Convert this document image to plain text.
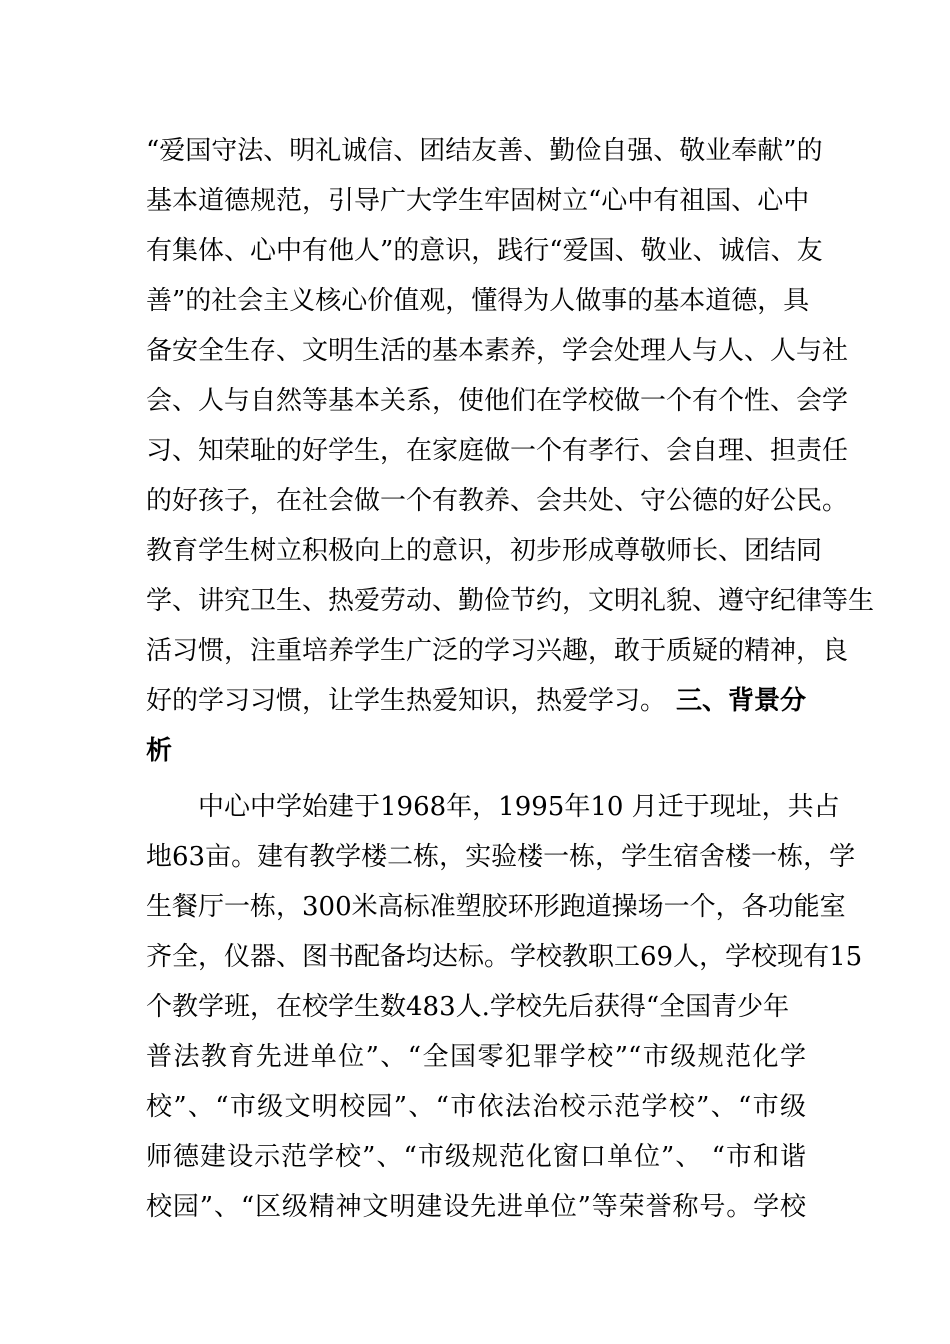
“爱国守法、明礼诚信、团结友善、勤俭自强、敬业奉献”的
基本道德规范，引导广大学生牢固树立“心中有祖国、心中
有集体、心中有他人”的意识，践行“爱国、敬业、诚信、友
善”的社会主义核心价值观，懂得为人做事的基本道德，具
备安全生存、文明生活的基本素养，学会处理人与人、人与社
会、人与自然等基本关系，使他们在学校做一个有个性、会学
习、知荣耻的好学生，在家庭做一个有孝行、会自理、担责任
的好孩子，在社会做一个有教养、会共处、守公德的好公民。
教育学生树立积极向上的意识，初步形成尊敬师长、团结同
学、讲究卫生、热爱劳动、勤俭节约，文明礼貌、遵守纪律等生
活习惯，注重培养学生广泛的学习兴趣，敢于质疑的精神，良
好的学习习惯，让学生热爱知识，热爱学习。 三、背景分
析
中心中学始建于1968年，1995年10 月迁于现址，共占
地63亩。建有教学楼二栋，实验楼一栋，学生宿舍楼一栋，学
生餐厅一栋，300米高标准塑胶环形跑道操场一个，各功能室
齐全，仪器、图书配备均达标。学校教职工69人，学校现有15
个教学班，在校学生数483人.学校先后获得“全国青少年
普法教育先进单位”、“全国零犯罪学校”“市级规范化学
校”、“市级文明校园”、“市依法治校示范学校”、“市级
师德建设示范学校”、“市级规范化窗口单位”、 “市和谐
校园”、“区级精神文明建设先进单位”等荣誉称号。学校
